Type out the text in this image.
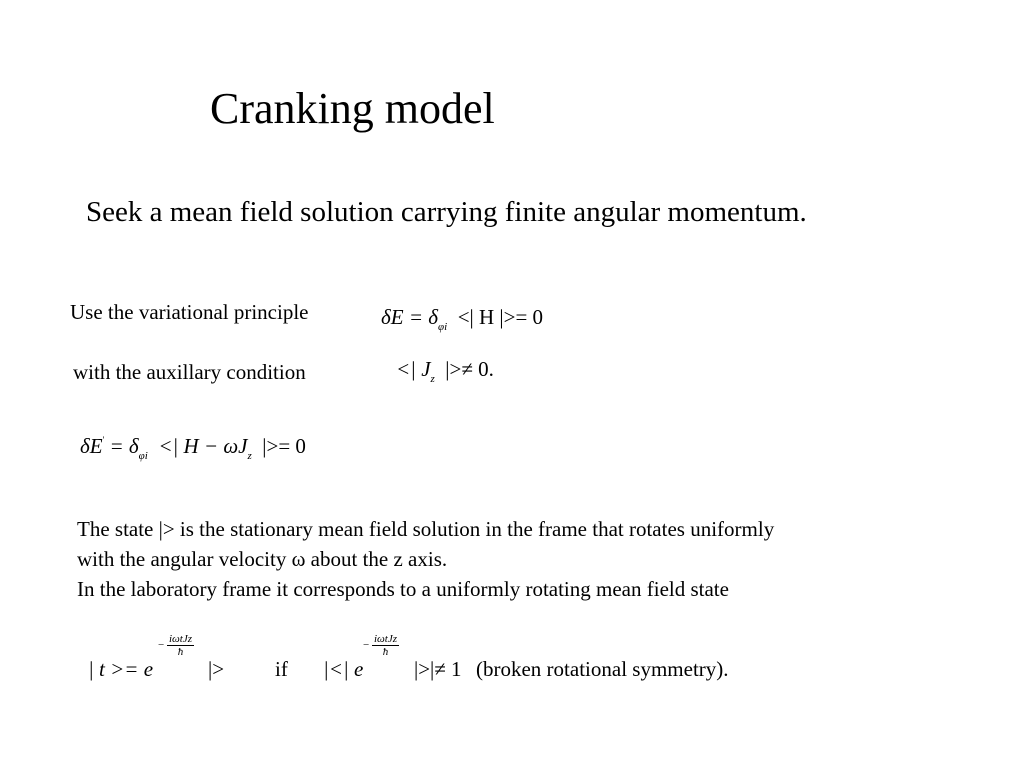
Cranking model
Seek a mean field solution carrying finite angular momentum.
Use the variational principle	$\delta E = \delta_{\varphi i}$ <| H |>= 0
with the auxillary condition	<| $J_z$ |>≠ 0.
$\delta E' = \delta_{\varphi i}$ <| $H - \omega J_z$ |>= 0
The state |> is the stationary mean field solution in the frame that rotates uniformly
with the angular velocity ω about the z axis.
In the laboratory frame it corresponds to a uniformly rotating mean field state
| t >= e
−
iωtJz
ħ
|> if |<| e
−
iωtJz
ħ
|>|≠ 1 (broken rotational symmetry).
